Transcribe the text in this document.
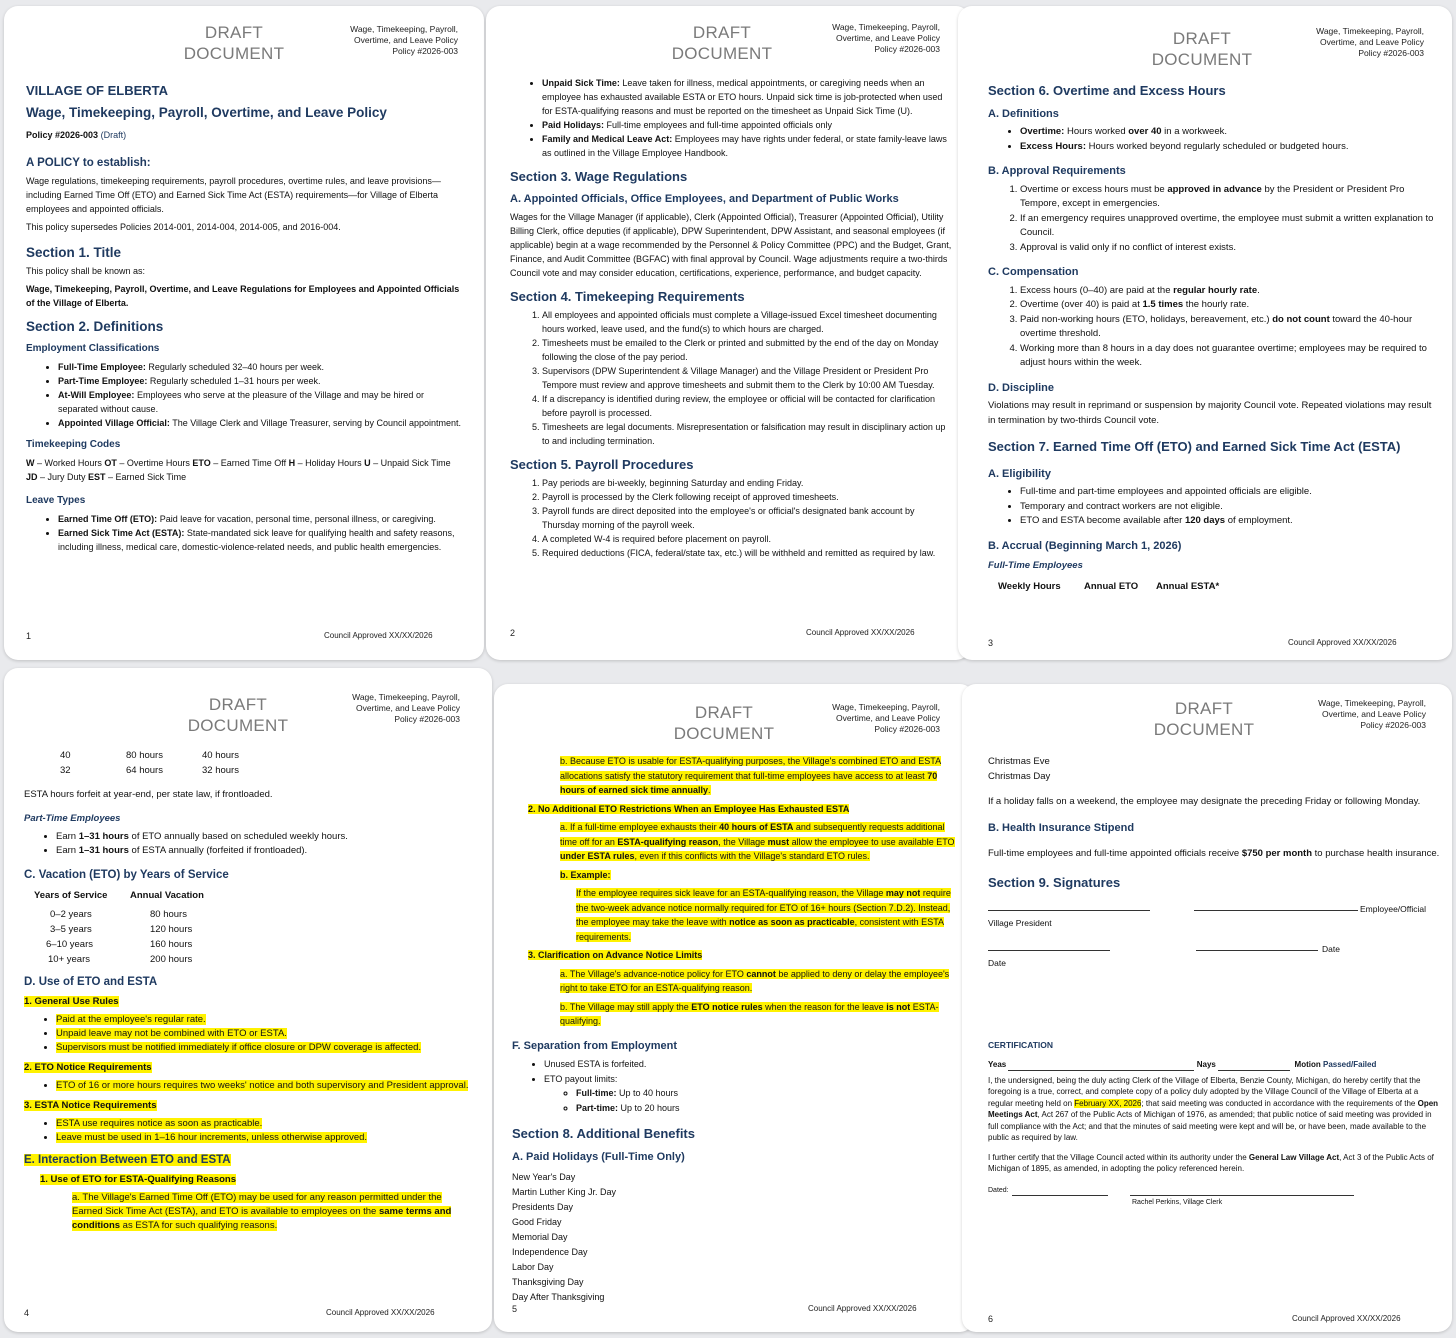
DRAFT
DOCUMENT
Wage, Timekeeping, Payroll,
Overtime, and Leave Policy
Policy #2026-003
VILLAGE OF ELBERTA
Wage, Timekeeping, Payroll, Overtime, and Leave Policy

Policy #2026-003 (Draft)

A POLICY to establish:

Wage regulations, timekeeping requirements, payroll procedures, overtime rules, and leave provisions—including Earned Time Off (ETO) and Earned Sick Time Act (ESTA) requirements—for Village of Elberta employees and appointed officials.

This policy supersedes Policies 2014-001, 2014-004, 2014-005, and 2016-004.

Section 1. Title

This policy shall be known as:

Wage, Timekeeping, Payroll, Overtime, and Leave Regulations for Employees and Appointed Officials of the Village of Elberta.

Section 2. Definitions
Employment Classifications
• Full-Time Employee: Regularly scheduled 32–40 hours per week.
• Part-Time Employee: Regularly scheduled 1–31 hours per week.
• At-Will Employee: Employees who serve at the pleasure of the Village and may be hired or separated without cause.
• Appointed Village Official: The Village Clerk and Village Treasurer, serving by Council appointment.
Timekeeping Codes

W – Worked Hours OT – Overtime Hours ETO – Earned Time Off H – Holiday Hours U – Unpaid Sick Time
JD – Jury Duty EST – Earned Sick Time

Leave Types
• Earned Time Off (ETO): Paid leave for vacation, personal time, personal illness, or caregiving.
• Earned Sick Time Act (ESTA): State-mandated sick leave for qualifying health and safety reasons, including illness, medical care, domestic-violence-related needs, and public health emergencies.
1	Council Approved XX/XX/2026
DRAFT
DOCUMENT
Wage, Timekeeping, Payroll,
Overtime, and Leave Policy
Policy #2026-003
• Unpaid Sick Time: Leave taken for illness, medical appointments, or caregiving needs when an employee has exhausted available ESTA or ETO hours. Unpaid sick time is job-protected when used for ESTA-qualifying reasons and must be reported on the timesheet as Unpaid Sick Time (U).
• Paid Holidays: Full-time employees and full-time appointed officials only
• Family and Medical Leave Act: Employees may have rights under federal, or state family-leave laws as outlined in the Village Employee Handbook.
Section 3. Wage Regulations
A. Appointed Officials, Office Employees, and Department of Public Works

Wages for the Village Manager (if applicable), Clerk (Appointed Official), Treasurer (Appointed Official), Utility Billing Clerk, office deputies (if applicable), DPW Superintendent, DPW Assistant, and seasonal employees (if applicable) begin at a wage recommended by the Personnel & Policy Committee (PPC) and the Budget, Grant, Finance, and Audit Committee (BGFAC) with final approval by Council. Wage adjustments require a two-thirds Council vote and may consider education, certifications, experience, performance, and budget capacity.

Section 4. Timekeeping Requirements
1. All employees and appointed officials must complete a Village-issued Excel timesheet documenting hours worked, leave used, and the fund(s) to which hours are charged.
2. Timesheets must be emailed to the Clerk or printed and submitted by the end of the day on Monday following the close of the pay period.
3. Supervisors (DPW Superintendent & Village Manager) and the Village President or President Pro Tempore must review and approve timesheets and submit them to the Clerk by 10:00 AM Tuesday.
4. If a discrepancy is identified during review, the employee or official will be contacted for clarification before payroll is processed.
5. Timesheets are legal documents. Misrepresentation or falsification may result in disciplinary action up to and including termination.
Section 5. Payroll Procedures
1. Pay periods are bi-weekly, beginning Saturday and ending Friday.
2. Payroll is processed by the Clerk following receipt of approved timesheets.
3. Payroll funds are direct deposited into the employee's or official's designated bank account by Thursday morning of the payroll week.
4. A completed W-4 is required before placement on payroll.
5. Required deductions (FICA, federal/state tax, etc.) will be withheld and remitted as required by law.
2	Council Approved XX/XX/2026
DRAFT
DOCUMENT
Wage, Timekeeping, Payroll,
Overtime, and Leave Policy
Policy #2026-003
Section 6. Overtime and Excess Hours
A. Definitions
• Overtime: Hours worked over 40 in a workweek.
• Excess Hours: Hours worked beyond regularly scheduled or budgeted hours.
B. Approval Requirements
1. Overtime or excess hours must be approved in advance by the President or President Pro Tempore, except in emergencies.
2. If an emergency requires unapproved overtime, the employee must submit a written explanation to Council.
3. Approval is valid only if no conflict of interest exists.
C. Compensation
1. Excess hours (0–40) are paid at the regular hourly rate.
2. Overtime (over 40) is paid at 1.5 times the hourly rate.
3. Paid non-working hours (ETO, holidays, bereavement, etc.) do not count toward the 40-hour overtime threshold.
4. Working more than 8 hours in a day does not guarantee overtime; employees may be required to adjust hours within the week.
D. Discipline

Violations may result in reprimand or suspension by majority Council vote. Repeated violations may result in termination by two-thirds Council vote.

Section 7. Earned Time Off (ETO) and Earned Sick Time Act (ESTA)
A. Eligibility
• Full-time and part-time employees and appointed officials are eligible.
• Temporary and contract workers are not eligible.
• ETO and ESTA become available after 120 days of employment.
B. Accrual (Beginning March 1, 2026)
Full-Time Employees
Weekly Hours	Annual ETO	Annual ESTA*
3	Council Approved XX/XX/2026
DRAFT
DOCUMENT
Wage, Timekeeping, Payroll,
Overtime, and Leave Policy
Policy #2026-003
40	80 hours	40 hours
32	64 hours	32 hours

ESTA hours forfeit at year-end, per state law, if frontloaded.

Part-Time Employees
• Earn 1–31 hours of ETO annually based on scheduled weekly hours.
• Earn 1–31 hours of ESTA annually (forfeited if frontloaded).
C. Vacation (ETO) by Years of Service
Years of Service	Annual Vacation
0–2 years	80 hours
3–5 years	120 hours
6–10 years	160 hours
10+ years	200 hours
D. Use of ETO and ESTA

1. General Use Rules

• Paid at the employee's regular rate.
• Unpaid leave may not be combined with ETO or ESTA.
• Supervisors must be notified immediately if office closure or DPW coverage is affected.

2. ETO Notice Requirements

• ETO of 16 or more hours requires two weeks' notice and both supervisory and President approval.

3. ESTA Notice Requirements

• ESTA use requires notice as soon as practicable.
• Leave must be used in 1–16 hour increments, unless otherwise approved.
E. Interaction Between ETO and ESTA

1. Use of ETO for ESTA-Qualifying Reasons

a. The Village's Earned Time Off (ETO) may be used for any reason permitted under the Earned Sick Time Act (ESTA), and ETO is available to employees on the same terms and conditions as ESTA for such qualifying reasons.

4	Council Approved XX/XX/2026
DRAFT
DOCUMENT
Wage, Timekeeping, Payroll,
Overtime, and Leave Policy
Policy #2026-003

b. Because ETO is usable for ESTA-qualifying purposes, the Village's combined ETO and ESTA allocations satisfy the statutory requirement that full-time employees have access to at least 70 hours of earned sick time annually.

2. No Additional ETO Restrictions When an Employee Has Exhausted ESTA

a. If a full-time employee exhausts their 40 hours of ESTA and subsequently requests additional time off for an ESTA-qualifying reason, the Village must allow the employee to use available ETO under ESTA rules, even if this conflicts with the Village's standard ETO rules.

b. Example:

If the employee requires sick leave for an ESTA-qualifying reason, the Village may not require the two-week advance notice normally required for ETO of 16+ hours (Section 7.D.2). Instead, the employee may take the leave with notice as soon as practicable, consistent with ESTA requirements.

3. Clarification on Advance Notice Limits

a. The Village's advance-notice policy for ETO cannot be applied to deny or delay the employee's right to take ETO for an ESTA-qualifying reason.

b. The Village may still apply the ETO notice rules when the reason for the leave is not ESTA-qualifying.

F. Separation from Employment
• Unused ESTA is forfeited.
• ETO payout limits:
◦ Full-time: Up to 40 hours
◦ Part-time: Up to 20 hours
Section 8. Additional Benefits
A. Paid Holidays (Full-Time Only)
New Year's Day
Martin Luther King Jr. Day
Presidents Day
Good Friday
Memorial Day
Independence Day
Labor Day
Thanksgiving Day
Day After Thanksgiving
5	Council Approved XX/XX/2026
DRAFT
DOCUMENT
Wage, Timekeeping, Payroll,
Overtime, and Leave Policy
Policy #2026-003
Christmas Eve
Christmas Day

If a holiday falls on a weekend, the employee may designate the preceding Friday or following Monday.

B. Health Insurance Stipend

Full-time employees and full-time appointed officials receive $750 per month to purchase health insurance.

Section 9. Signatures
Employee/Official
Village President
Date
Date
CERTIFICATION
Yeas	Nays	Motion Passed/Failed

I, the undersigned, being the duly acting Clerk of the Village of Elberta, Benzie County, Michigan, do hereby certify that the foregoing is a true, correct, and complete copy of a policy duly adopted by the Village Council of the Village of Elberta at a regular meeting held on February XX, 2026; that said meeting was conducted in accordance with the requirements of the Open Meetings Act, Act 267 of the Public Acts of Michigan of 1976, as amended; that public notice of said meeting was provided in full compliance with the Act; and that the minutes of said meeting were kept and will be, or have been, made available to the public as required by law.

I further certify that the Village Council acted within its authority under the General Law Village Act, Act 3 of the Public Acts of Michigan of 1895, as amended, in adopting the policy referenced herein.

Dated:
Rachel Perkins, Village Clerk
6	Council Approved XX/XX/2026
